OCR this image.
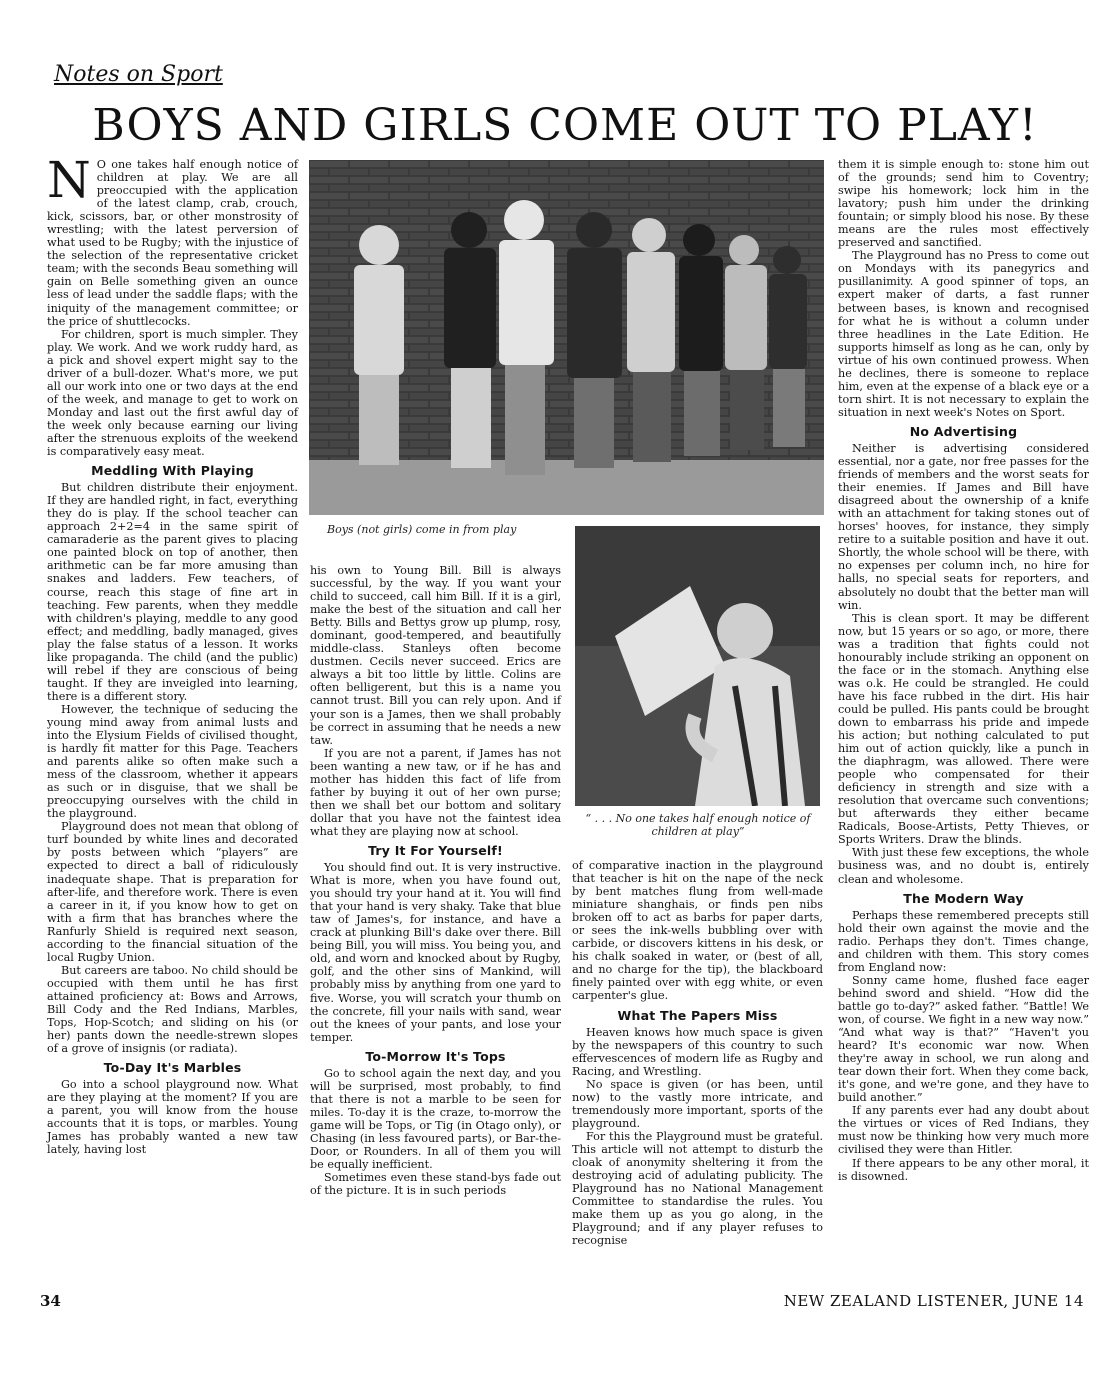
Notes on Sport
BOYS AND GIRLS COME OUT TO PLAY!
Boys (not girls) come in from play
“ . . . No one takes half enough notice of children at play”

N O one takes half enough notice of children at play. We are all preoccupied with the application of the latest clamp, crab, crouch, kick, scissors, bar, or other monstrosity of wrestling; with the latest perversion of what used to be Rugby; with the injustice of the selection of the representative cricket team; with the seconds Beau something will gain on Belle something given an ounce less of lead under the saddle flaps; with the iniquity of the management committee; or the price of shuttlecocks.

For children, sport is much simpler. They play. We work. And we work ruddy hard, as a pick and shovel expert might say to the driver of a bull-dozer. What's more, we put all our work into one or two days at the end of the week, and manage to get to work on Monday and last out the first awful day of the week only because earning our living after the strenuous exploits of the weekend is comparatively easy meat.

Meddling With Playing

But children distribute their enjoyment. If they are handled right, in fact, everything they do is play. If the school teacher can approach 2+2=4 in the same spirit of camaraderie as the parent gives to placing one painted block on top of another, then arithmetic can be far more amusing than snakes and ladders. Few teachers, of course, reach this stage of fine art in teaching. Few parents, when they meddle with children's playing, meddle to any good effect; and meddling, badly managed, gives play the false status of a lesson. It works like propaganda. The child (and the public) will rebel if they are conscious of being taught. If they are inveigled into learning, there is a different story.

However, the technique of seducing the young mind away from animal lusts and into the Elysium Fields of civilised thought, is hardly fit matter for this Page. Teachers and parents alike so often make such a mess of the classroom, whether it appears as such or in disguise, that we shall be preoccupying ourselves with the child in the playground.

Playground does not mean that oblong of turf bounded by white lines and decorated by posts between which “players” are expected to direct a ball of ridiculously inadequate shape. That is preparation for after-life, and therefore work. There is even a career in it, if you know how to get on with a firm that has branches where the Ranfurly Shield is required next season, according to the financial situation of the local Rugby Union.

But careers are taboo. No child should be occupied with them until he has first attained proficiency at: Bows and Arrows, Bill Cody and the Red Indians, Marbles, Tops, Hop-Scotch; and sliding on his (or her) pants down the needle-strewn slopes of a grove of insignis (or radiata).

To-Day It's Marbles

Go into a school playground now. What are they playing at the moment? If you are a parent, you will know from the house accounts that it is tops, or marbles. Young James has probably wanted a new taw lately, having lost

his own to Young Bill. Bill is always successful, by the way. If you want your child to succeed, call him Bill. If it is a girl, make the best of the situation and call her Betty. Bills and Bettys grow up plump, rosy, dominant, good-tempered, and beautifully middle-class. Stanleys often become dustmen. Cecils never succeed. Erics are always a bit too little by little. Colins are often belligerent, but this is a name you cannot trust. Bill you can rely upon. And if your son is a James, then we shall probably be correct in assuming that he needs a new taw.

If you are not a parent, if James has not been wanting a new taw, or if he has and mother has hidden this fact of life from father by buying it out of her own purse; then we shall bet our bottom and solitary dollar that you have not the faintest idea what they are playing now at school.

Try It For Yourself!

You should find out. It is very instructive. What is more, when you have found out, you should try your hand at it. You will find that your hand is very shaky. Take that blue taw of James's, for instance, and have a crack at plunking Bill's dake over there. Bill being Bill, you will miss. You being you, and old, and worn and knocked about by Rugby, golf, and the other sins of Mankind, will probably miss by anything from one yard to five. Worse, you will scratch your thumb on the concrete, fill your nails with sand, wear out the knees of your pants, and lose your temper.

To-Morrow It's Tops

Go to school again the next day, and you will be surprised, most probably, to find that there is not a marble to be seen for miles. To-day it is the craze, to-morrow the game will be Tops, or Tig (in Otago only), or Chasing (in less favoured parts), or Bar-the-Door, or Rounders. In all of them you will be equally inefficient.

Sometimes even these stand-bys fade out of the picture. It is in such periods

of comparative inaction in the playground that teacher is hit on the nape of the neck by bent matches flung from well-made miniature shanghais, or finds pen nibs broken off to act as barbs for paper darts, or sees the ink-wells bubbling over with carbide, or discovers kittens in his desk, or his chalk soaked in water, or (best of all, and no charge for the tip), the blackboard finely painted over with egg white, or even carpenter's glue.

What The Papers Miss

Heaven knows how much space is given by the newspapers of this country to such effervescences of modern life as Rugby and Racing, and Wrestling.

No space is given (or has been, until now) to the vastly more intricate, and tremendously more important, sports of the playground.

For this the Playground must be grateful. This article will not attempt to disturb the cloak of anonymity sheltering it from the destroying acid of adulating publicity. The Playground has no National Management Committee to standardise the rules. You make them up as you go along, in the Playground; and if any player refuses to recognise

them it is simple enough to: stone him out of the grounds; send him to Coventry; swipe his homework; lock him in the lavatory; push him under the drinking fountain; or simply blood his nose. By these means are the rules most effectively preserved and sanctified.

The Playground has no Press to come out on Mondays with its panegyrics and pusillanimity. A good spinner of tops, an expert maker of darts, a fast runner between bases, is known and recognised for what he is without a column under three headlines in the Late Edition. He supports himself as long as he can, only by virtue of his own continued prowess. When he declines, there is someone to replace him, even at the expense of a black eye or a torn shirt. It is not necessary to explain the situation in next week's Notes on Sport.

No Advertising

Neither is advertising considered essential, nor a gate, nor free passes for the friends of members and the worst seats for their enemies. If James and Bill have disagreed about the ownership of a knife with an attachment for taking stones out of horses' hooves, for instance, they simply retire to a suitable position and have it out. Shortly, the whole school will be there, with no expenses per column inch, no hire for halls, no special seats for reporters, and absolutely no doubt that the better man will win.

This is clean sport. It may be different now, but 15 years or so ago, or more, there was a tradition that fights could not honourably include striking an opponent on the face or in the stomach. Anything else was o.k. He could be strangled. He could have his face rubbed in the dirt. His hair could be pulled. His pants could be brought down to embarrass his pride and impede his action; but nothing calculated to put him out of action quickly, like a punch in the diaphragm, was allowed. There were people who compensated for their deficiency in strength and size with a resolution that overcame such conventions; but afterwards they either became Radicals, Boose-Artists, Petty Thieves, or Sports Writers. Draw the blinds.

With just these few exceptions, the whole business was, and no doubt is, entirely clean and wholesome.

The Modern Way

Perhaps these remembered precepts still hold their own against the movie and the radio. Perhaps they don't. Times change, and children with them. This story comes from England now:

Sonny came home, flushed face eager behind sword and shield. “How did the battle go to-day?” asked father. “Battle! We won, of course. We fight in a new way now.” “And what way is that?” “Haven't you heard? It's economic war now. When they're away in school, we run along and tear down their fort. When they come back, it's gone, and we're gone, and they have to build another.”

If any parents ever had any doubt about the virtues or vices of Red Indians, they must now be thinking how very much more civilised they were than Hitler.

If there appears to be any other moral, it is disowned.

34	NEW ZEALAND LISTENER, JUNE 14
